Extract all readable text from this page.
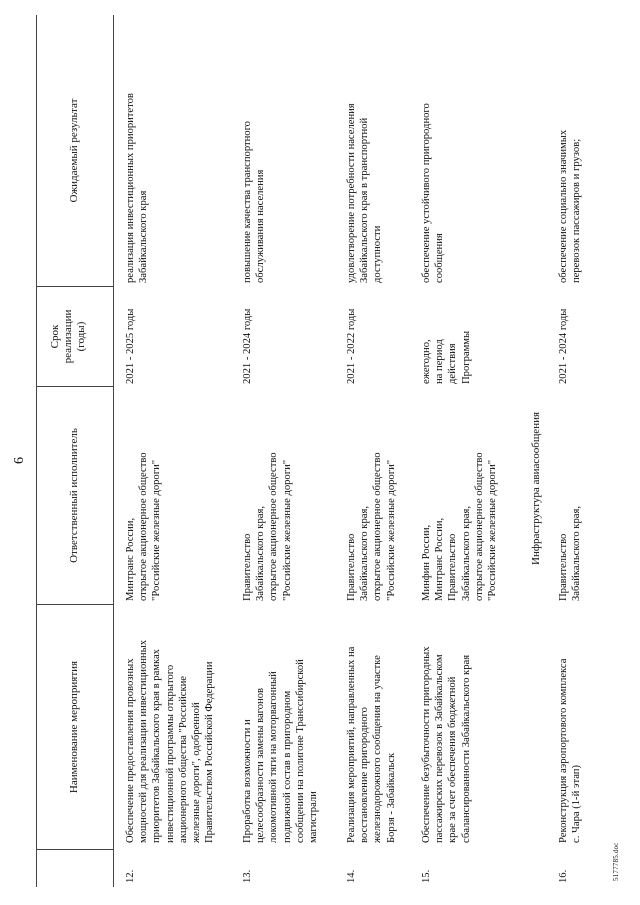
6
Наименование мероприятия
Ответственный исполнитель
Срок
реализации
(годы)
Ожидаемый результат
12.
Обеспечение предоставления провозных
мощностей для реализации инвестиционных
приоритетов Забайкальского края в рамках
инвестиционной программы открытого
акционерного общества "Российские
железные дороги", одобренной
Правительством Российской Федерации
Минтранс России,
открытое акционерное общество
"Российские железные дороги"
2021 - 2025 годы
реализация инвестиционных приоритетов
Забайкальского края
13.
Проработка возможности и
целесообразности замены вагонов
локомотивной тяги на моторвагонный
подвижной состав в пригородном
сообщении на полигоне Транссибирской
магистрали
Правительство
Забайкальского края,
открытое акционерное общество
"Российские железные дороги"
2021 - 2024 годы
повышение качества транспортного
обслуживания населения
14.
Реализация мероприятий, направленных на
восстановление пригородного
железнодорожного сообщения на участке
Борзя - Забайкальск
Правительство
Забайкальского края,
открытое акционерное общество
"Российские железные дороги"
2021 - 2022 годы
удовлетворение потребности населения
Забайкальского края в транспортной
доступности
15.
Обеспечение безубыточности пригородных
пассажирских перевозок в Забайкальском
крае за счет обеспечения бюджетной
сбалансированности Забайкальского края
Минфин России,
Минтранс России,
Правительство
Забайкальского края,
открытое акционерное общество
"Российские железные дороги"
ежегодно,
на период
действия
Программы
обеспечение устойчивого пригородного
сообщения
Инфраструктура авиасообщения
16.
Реконструкция аэропортового комплекса
с. Чара (1-й этап)
Правительство
Забайкальского края,
2021 - 2024 годы
обеспечение социально значимых
перевозок пассажиров и грузов;
5177785.doc
